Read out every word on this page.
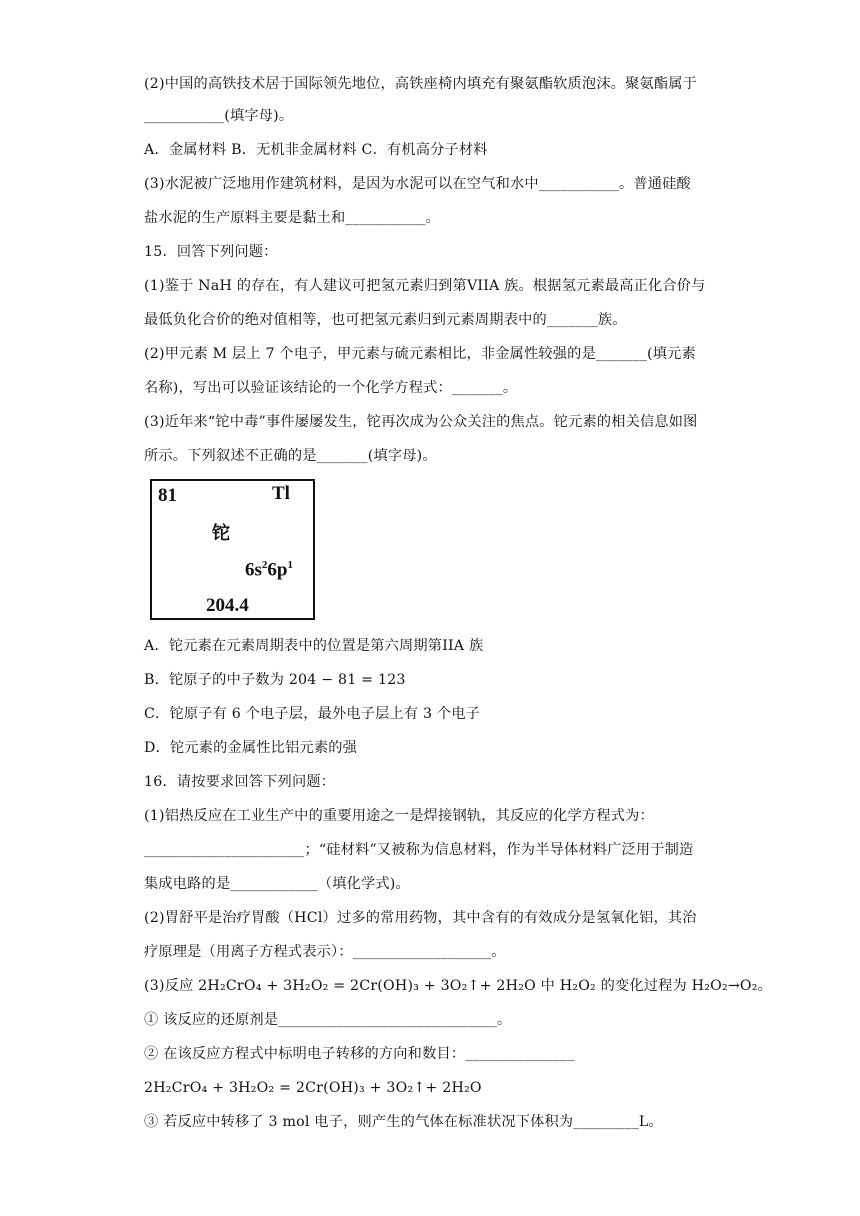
(2)中国的高铁技术居于国际领先地位，高铁座椅内填充有聚氨酯软质泡沫。聚氨酯属于
___________(填字母)。
A．金属材料 B．无机非金属材料 C．有机高分子材料
(3)水泥被广泛地用作建筑材料，是因为水泥可以在空气和水中___________。普通硅酸
盐水泥的生产原料主要是黏土和___________。
15．回答下列问题：
(1)鉴于 NaH 的存在，有人建议可把氢元素归到第VIIA 族。根据氢元素最高正化合价与
最低负化合价的绝对值相等，也可把氢元素归到元素周期表中的_______族。
(2)甲元素 M 层上 7 个电子，甲元素与硫元素相比，非金属性较强的是_______(填元素
名称)，写出可以验证该结论的一个化学方程式：_______。
(3)近年来“铊中毒”事件屡屡发生，铊再次成为公众关注的焦点。铊元素的相关信息如图
所示。下列叙述不正确的是_______(填字母)。
81	Tl
铊
$6s^26p^1$
204.4
A．铊元素在元素周期表中的位置是第六周期第IIA 族
B．铊原子的中子数为 204 − 81 = 123
C．铊原子有 6 个电子层，最外电子层上有 3 个电子
D．铊元素的金属性比铝元素的强
16．请按要求回答下列问题：
(1)铝热反应在工业生产中的重要用途之一是焊接钢轨，其反应的化学方程式为：
______________________；“硅材料”又被称为信息材料，作为半导体材料广泛用于制造
集成电路的是____________（填化学式)。
(2)胃舒平是治疗胃酸（HCl）过多的常用药物，其中含有的有效成分是氢氧化铝，其治
疗原理是（用离子方程式表示）：___________________。
(3)反应 2H₂CrO₄ + 3H₂O₂ = 2Cr(OH)₃ + 3O₂↑+ 2H₂O 中 H₂O₂ 的变化过程为 H₂O₂→O₂。
① 该反应的还原剂是______________________________。
② 在该反应方程式中标明电子转移的方向和数目：_______________
2H₂CrO₄ + 3H₂O₂ = 2Cr(OH)₃ + 3O₂↑+ 2H₂O
③ 若反应中转移了 3 mol 电子，则产生的气体在标准状况下体积为_________L。
